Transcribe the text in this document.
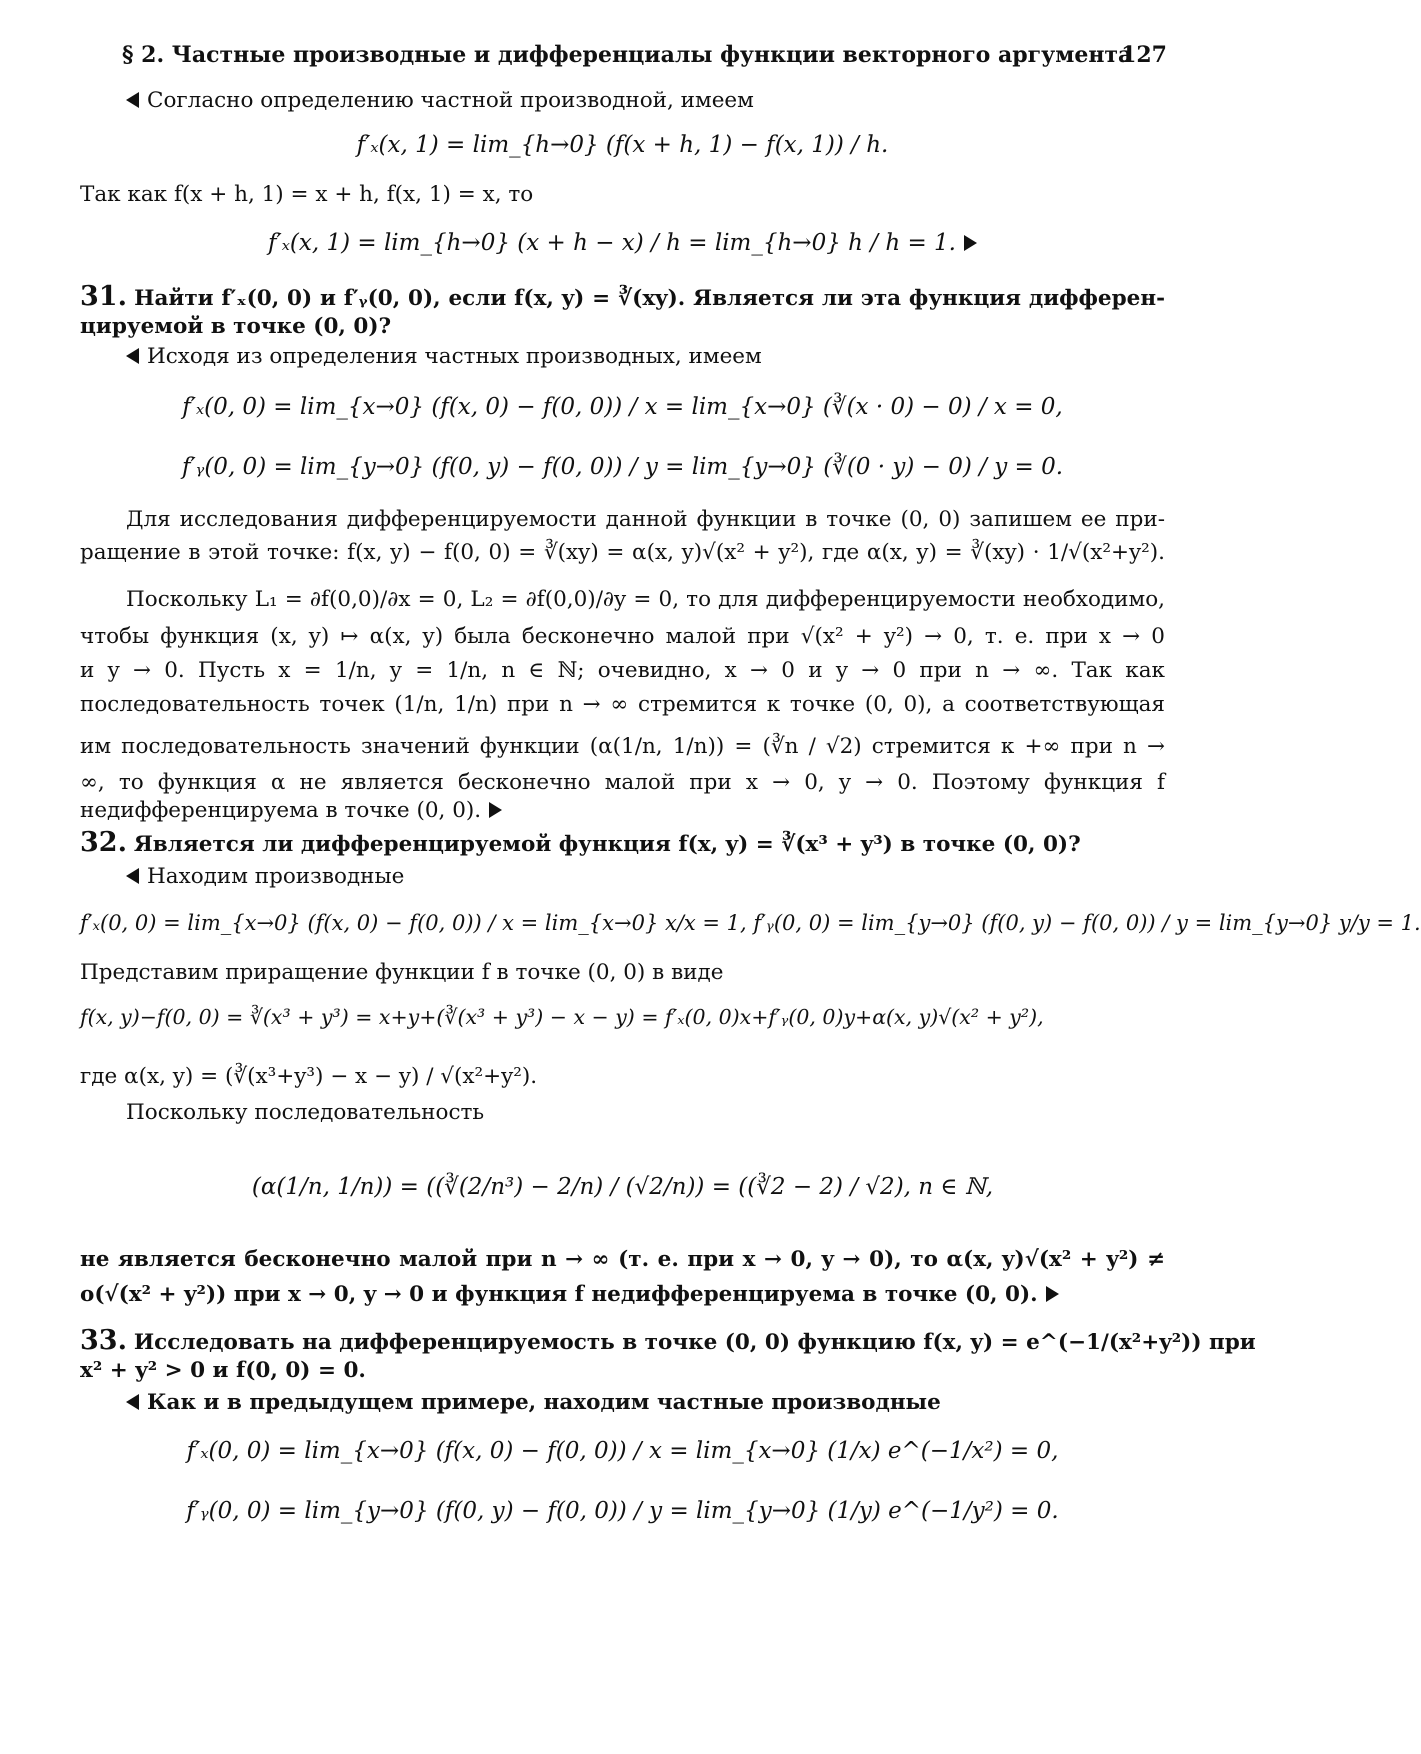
§ 2. Частные производные и дифференциалы функции векторного аргумента
127
Согласно определению частной производной, имеем
f′ₓ(x, 1) = lim_{h→0} (f(x + h, 1) − f(x, 1)) / h.
Так как f(x + h, 1) = x + h, f(x, 1) = x, то
f′ₓ(x, 1) = lim_{h→0} (x + h − x) / h = lim_{h→0} h / h = 1.
31. Найти f′ₓ(0, 0) и f′ᵧ(0, 0), если f(x, y) = ∛(xy). Является ли эта функция дифферен-
цируемой в точке (0, 0)?
Исходя из определения частных производных, имеем
f′ₓ(0, 0) = lim_{x→0} (f(x, 0) − f(0, 0)) / x = lim_{x→0} (∛(x · 0) − 0) / x = 0,
f′ᵧ(0, 0) = lim_{y→0} (f(0, y) − f(0, 0)) / y = lim_{y→0} (∛(0 · y) − 0) / y = 0.
Для исследования дифференцируемости данной функции в точке (0, 0) запишем ее при-
ращение в этой точке: f(x, y) − f(0, 0) = ∛(xy) = α(x, y)√(x² + y²), где α(x, y) = ∛(xy) · 1/√(x²+y²).
Поскольку L₁ = ∂f(0,0)/∂x = 0, L₂ = ∂f(0,0)/∂y = 0, то для дифференцируемости необходимо,
чтобы функция (x, y) ↦ α(x, y) была бесконечно малой при √(x² + y²) → 0, т. е. при x → 0
и y → 0. Пусть x = 1/n, y = 1/n, n ∈ ℕ; очевидно, x → 0 и y → 0 при n → ∞. Так как
последовательность точек (1/n, 1/n) при n → ∞ стремится к точке (0, 0), а соответствующая
им последовательность значений функции (α(1/n, 1/n)) = (∛n / √2) стремится к +∞ при n →
∞, то функция α не является бесконечно малой при x → 0, y → 0. Поэтому функция f
недифференцируема в точке (0, 0).
32. Является ли дифференцируемой функция f(x, y) = ∛(x³ + y³) в точке (0, 0)?
Находим производные
f′ₓ(0, 0) = lim_{x→0} (f(x, 0) − f(0, 0)) / x = lim_{x→0} x/x = 1, f′ᵧ(0, 0) = lim_{y→0} (f(0, y) − f(0, 0)) / y = lim_{y→0} y/y = 1.
Представим приращение функции f в точке (0, 0) в виде
f(x, y)−f(0, 0) = ∛(x³ + y³) = x+y+(∛(x³ + y³) − x − y) = f′ₓ(0, 0)x+f′ᵧ(0, 0)y+α(x, y)√(x² + y²),
где α(x, y) = (∛(x³+y³) − x − y) / √(x²+y²).
Поскольку последовательность
(α(1/n, 1/n)) = ((∛(2/n³) − 2/n) / (√2/n)) = ((∛2 − 2) / √2), n ∈ ℕ,
не является бесконечно малой при n → ∞ (т. е. при x → 0, y → 0), то α(x, y)√(x² + y²) ≠
o(√(x² + y²)) при x → 0, y → 0 и функция f недифференцируема в точке (0, 0).
33. Исследовать на дифференцируемость в точке (0, 0) функцию f(x, y) = e^(−1/(x²+y²)) при
x² + y² > 0 и f(0, 0) = 0.
Как и в предыдущем примере, находим частные производные
f′ₓ(0, 0) = lim_{x→0} (f(x, 0) − f(0, 0)) / x = lim_{x→0} (1/x) e^(−1/x²) = 0,
f′ᵧ(0, 0) = lim_{y→0} (f(0, y) − f(0, 0)) / y = lim_{y→0} (1/y) e^(−1/y²) = 0.
